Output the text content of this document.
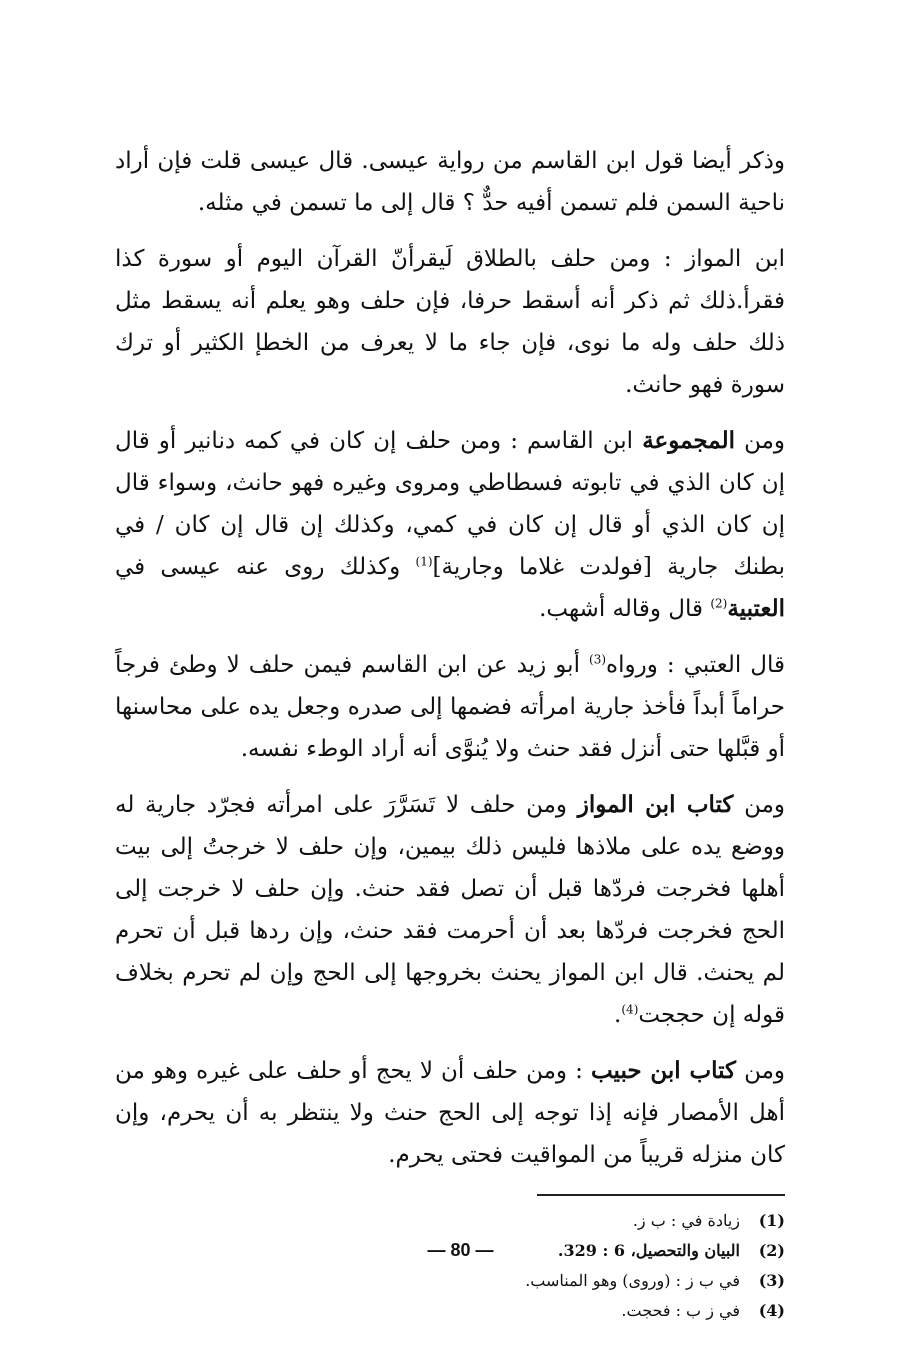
وذكر أيضا قول ابن القاسم من رواية عيسى. قال عيسى قلت فإن أراد ناحية السمن فلم تسمن أفيه حدٌّ ؟ قال إلى ما تسمن في مثله.

ابن المواز : ومن حلف بالطلاق لَيقرأنّ القرآن اليوم أو سورة كذا فقرأ.ذلك ثم ذكر أنه أسقط حرفا، فإن حلف وهو يعلم أنه يسقط مثل ذلك حلف وله ما نوى، فإن جاء ما لا يعرف من الخطإ الكثير أو ترك سورة فهو حانث.

ومن المجموعة ابن القاسم : ومن حلف إن كان في كمه دنانير أو قال إن كان الذي في تابوته فسطاطي ومروى وغيره فهو حانث، وسواء قال إن كان الذي أو قال إن كان في كمي، وكذلك إن قال إن كان / في بطنك جارية [فولدت غلاما وجارية]$^{(1)}$ وكذلك روى عنه عيسى في العتبية$^{(2)}$ قال وقاله أشهب.

قال العتبي : ورواه$^{(3)}$ أبو زيد عن ابن القاسم فيمن حلف لا وطئ فرجاً حراماً أبداً فأخذ جارية امرأته فضمها إلى صدره وجعل يده على محاسنها أو قبَّلها حتى أنزل فقد حنث ولا يُنوَّى أنه أراد الوطء نفسه.

ومن كتاب ابن المواز ومن حلف لا تَسَرَّرَ على امرأته فجرّد جارية له ووضع يده على ملاذها فليس ذلك بيمين، وإن حلف لا خرجتُ إلى بيت أهلها فخرجت فردّها قبل أن تصل فقد حنث. وإن حلف لا خرجت إلى الحج فخرجت فردّها بعد أن أحرمت فقد حنث، وإن ردها قبل أن تحرم لم يحنث. قال ابن المواز يحنث بخروجها إلى الحج وإن لم تحرم بخلاف قوله إن حججت$^{(4)}$.

ومن كتاب ابن حبيب : ومن حلف أن لا يحج أو حلف على غيره وهو من أهل الأمصار فإنه إذا توجه إلى الحج حنث ولا ينتظر به أن يحرم، وإن كان منزله قريباً من المواقيت فحتى يحرم.

(1)
زيادة في : ب ز.
(2)
البيان والتحصيل، 6 : 329.
(3)
في ب ز : (وروى) وهو المناسب.
(4)
في ز ب : فحجت.
— 80 —
